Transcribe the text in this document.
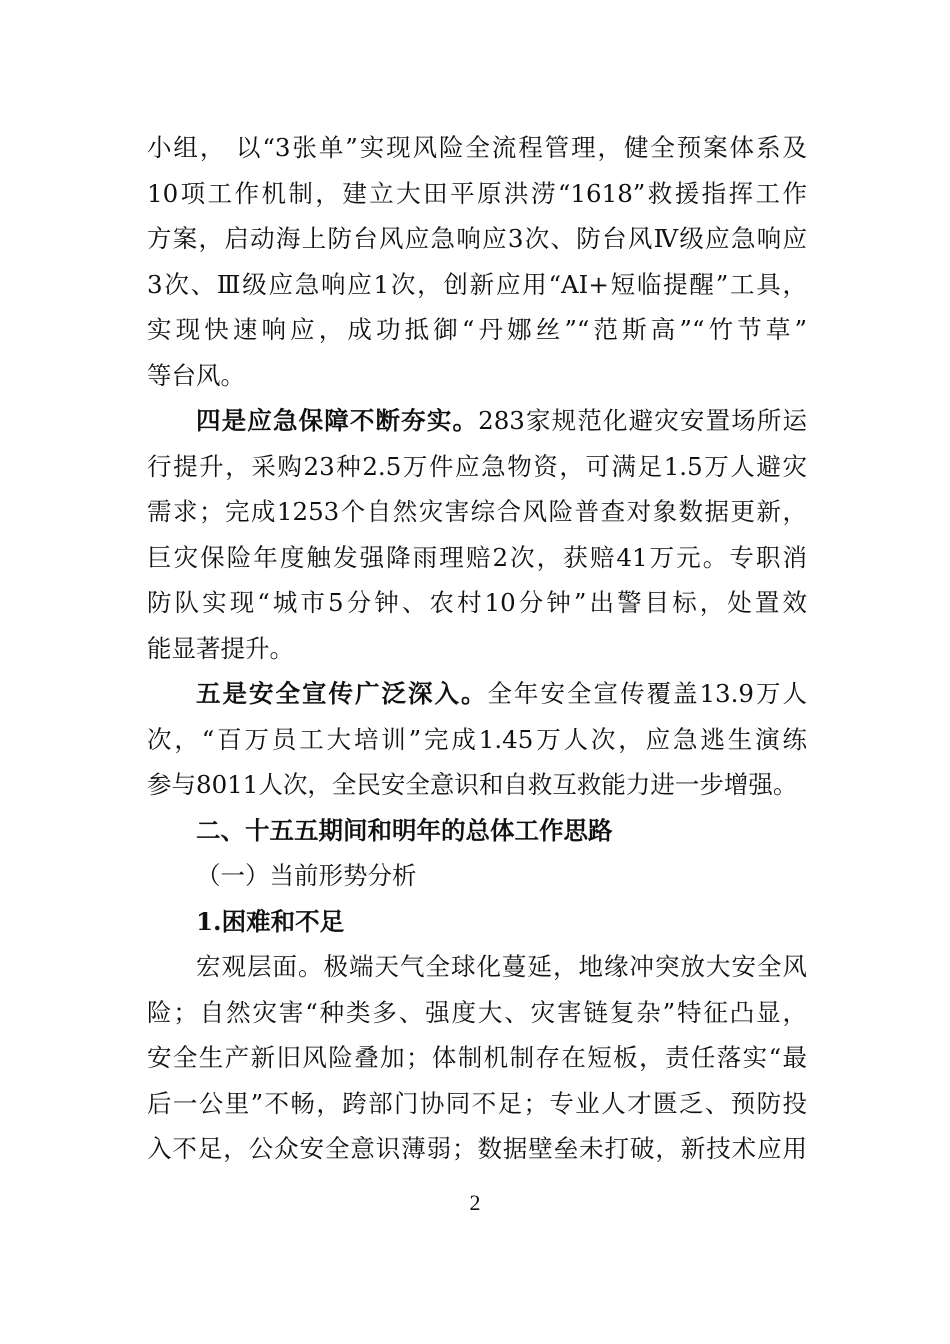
小组， 以“3张单”实现风险全流程管理，健全预案体系及
10项工作机制，建立大田平原洪涝“1618”救援指挥工作
方案，启动海上防台风应急响应3次、防台风Ⅳ级应急响应
3次、Ⅲ级应急响应1次，创新应用“AI+短临提醒”工具，
实现快速响应，成功抵御“丹娜丝”“范斯高”“竹节草”
等台风。
四是应急保障不断夯实。283家规范化避灾安置场所运
行提升，采购23种2.5万件应急物资，可满足1.5万人避灾
需求；完成1253个自然灾害综合风险普查对象数据更新，
巨灾保险年度触发强降雨理赔2次，获赔41万元。专职消
防队实现“城市5分钟、农村10分钟”出警目标，处置效
能显著提升。
五是安全宣传广泛深入。全年安全宣传覆盖13.9万人
次，“百万员工大培训”完成1.45万人次，应急逃生演练
参与8011人次，全民安全意识和自救互救能力进一步增强。
二、十五五期间和明年的总体工作思路
（一）当前形势分析
1.困难和不足
宏观层面。极端天气全球化蔓延，地缘冲突放大安全风
险；自然灾害“种类多、强度大、灾害链复杂”特征凸显，
安全生产新旧风险叠加；体制机制存在短板，责任落实“最
后一公里”不畅，跨部门协同不足；专业人才匮乏、预防投
入不足，公众安全意识薄弱；数据壁垒未打破，新技术应用
2
